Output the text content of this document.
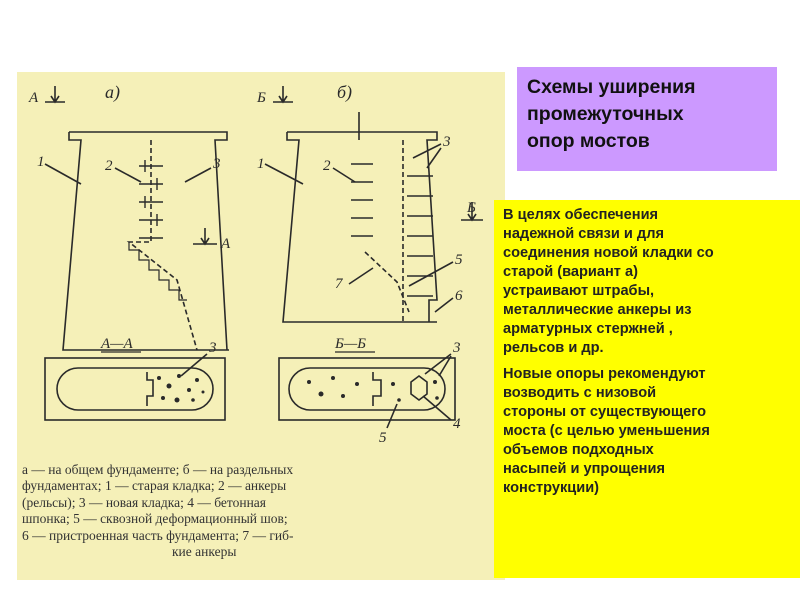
а)
А
1	2	3
А
б)
Б
1	2
3
Б
5
7
6
А—А	3	Б—Б	3
4
5
а — на общем фундаменте; б — на раздельных
фундаментах; 1 — старая кладка; 2 — анкеры
(рельсы); 3 — новая кладка; 4 — бетонная
шпонка; 5 — сквозной деформационный шов;
6 — пристроенная часть фундамента; 7 — гиб-
кие анкеры
Схемы уширения
промежуточных
опор мостов

В целях обеспечения
надежной связи и для
соединения новой кладки со
старой (вариант а)
устраивают штрабы,
металлические анкеры из
арматурных стержней ,
рельсов и др.

Новые опоры рекомендуют
возводить с низовой
стороны от существующего
моста (с целью уменьшения
объемов подходных
насыпей и упрощения
конструкции)
